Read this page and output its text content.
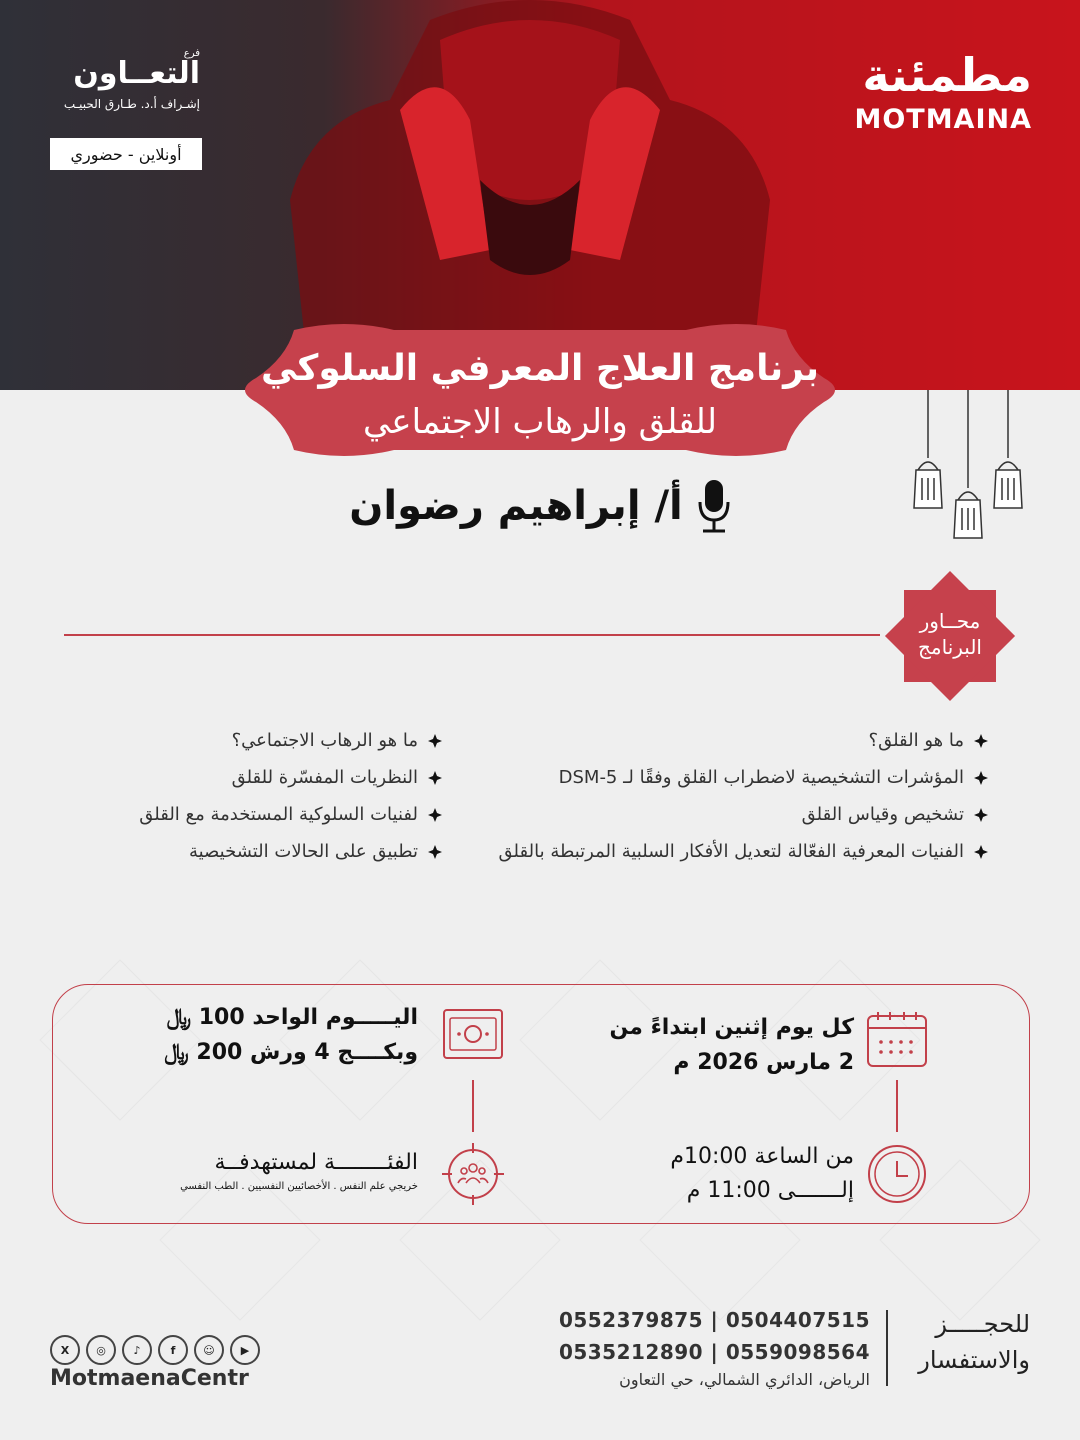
مطمئنة
MOTMAINA
فرع
التعــاون
إشـراف أ.د. طـارق الحبيـب
أونلاين - حضوري
برنامج العلاج المعرفي السلوكي
للقلق والرهاب الاجتماعي
أ/ إبراهيم رضوان
محــاور
البرنامج
ما هو القلق؟
المؤشرات التشخيصية لاضطراب القلق وفقًا لـ DSM-5
تشخيص وقياس القلق
الفنيات المعرفية الفعّالة لتعديل الأفكار السلبية المرتبطة بالقلق
ما هو الرهاب الاجتماعي؟
النظريات المفسّرة للقلق
لفنيات السلوكية المستخدمة مع القلق
تطبيق على الحالات التشخيصية
كل يوم إثنين ابتداءً من
2 مارس 2026 م
من الساعة 10:00م
إلـــــــى 11:00 م
اليـــــوم الواحد 100 ﷼
وبكــــج 4 ورش 200 ﷼
الفئــــــــة لمستهدفــة
خريجي علم النفس . الأخصائيين النفسيين . الطب النفسي
للحجـــــز
والاستفسار
0552379875 | 0504407515
0535212890 | 0559098564
الرياض، الدائري الشمالي، حي التعاون
X	◎	♪	f	☺	▶
MotmaenaCentr
